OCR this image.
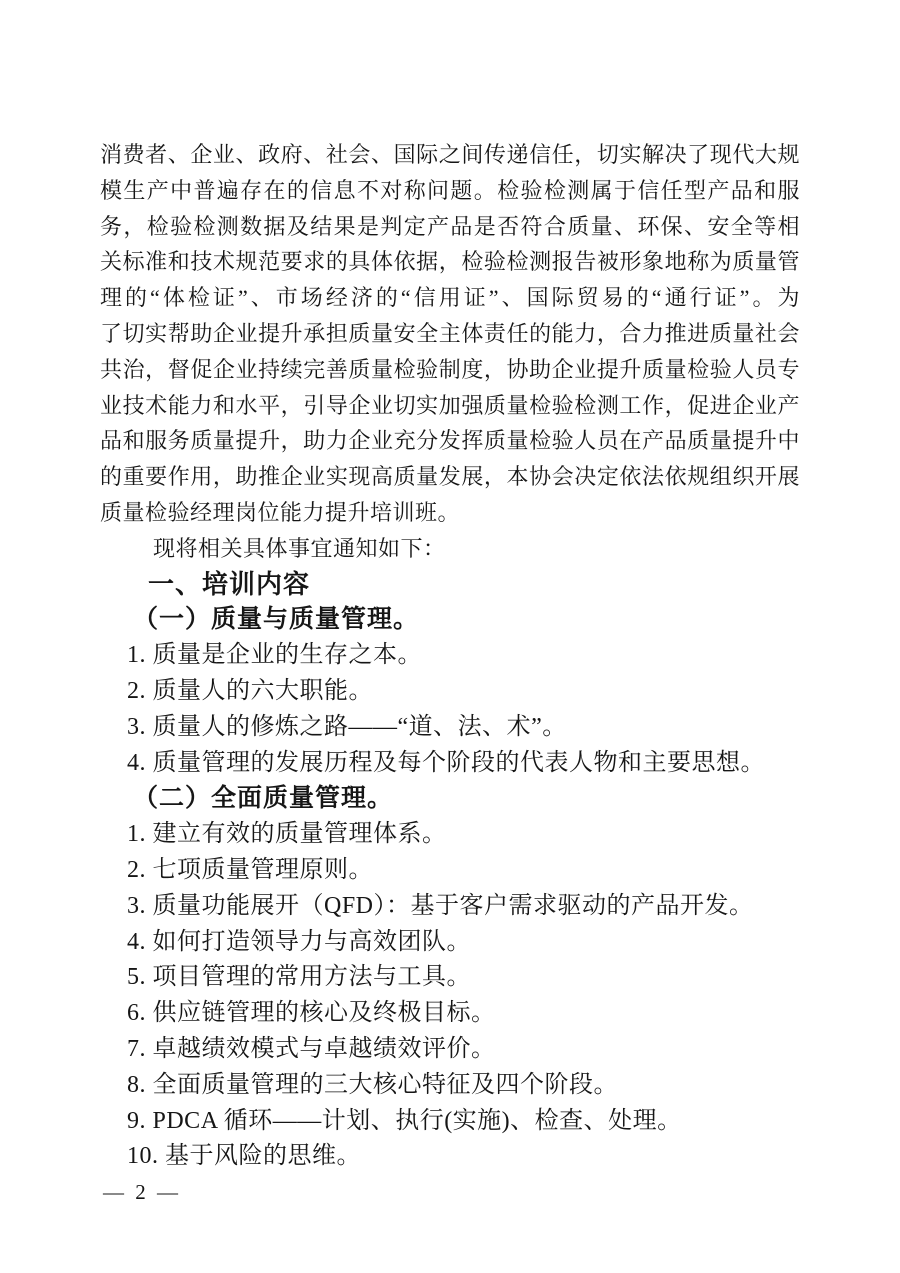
消费者、企业、政府、社会、国际之间传递信任，切实解决了现代大规
模生产中普遍存在的信息不对称问题。检验检测属于信任型产品和服
务，检验检测数据及结果是判定产品是否符合质量、环保、安全等相
关标准和技术规范要求的具体依据，检验检测报告被形象地称为质量管
理的“体检证”、市场经济的“信用证”、国际贸易的“通行证”。为
了切实帮助企业提升承担质量安全主体责任的能力，合力推进质量社会
共治，督促企业持续完善质量检验制度，协助企业提升质量检验人员专
业技术能力和水平，引导企业切实加强质量检验检测工作，促进企业产
品和服务质量提升，助力企业充分发挥质量检验人员在产品质量提升中
的重要作用，助推企业实现高质量发展，本协会决定依法依规组织开展
质量检验经理岗位能力提升培训班。
现将相关具体事宜通知如下：
一、培训内容
（一）质量与质量管理。
1. 质量是企业的生存之本。
2. 质量人的六大职能。
3. 质量人的修炼之路——“道、法、术”。
4. 质量管理的发展历程及每个阶段的代表人物和主要思想。
（二）全面质量管理。
1. 建立有效的质量管理体系。
2. 七项质量管理原则。
3. 质量功能展开（QFD）：基于客户需求驱动的产品开发。
4. 如何打造领导力与高效团队。
5. 项目管理的常用方法与工具。
6. 供应链管理的核心及终极目标。
7. 卓越绩效模式与卓越绩效评价。
8. 全面质量管理的三大核心特征及四个阶段。
9. PDCA 循环——计划、执行(实施)、检查、处理。
10. 基于风险的思维。
— 2 —
